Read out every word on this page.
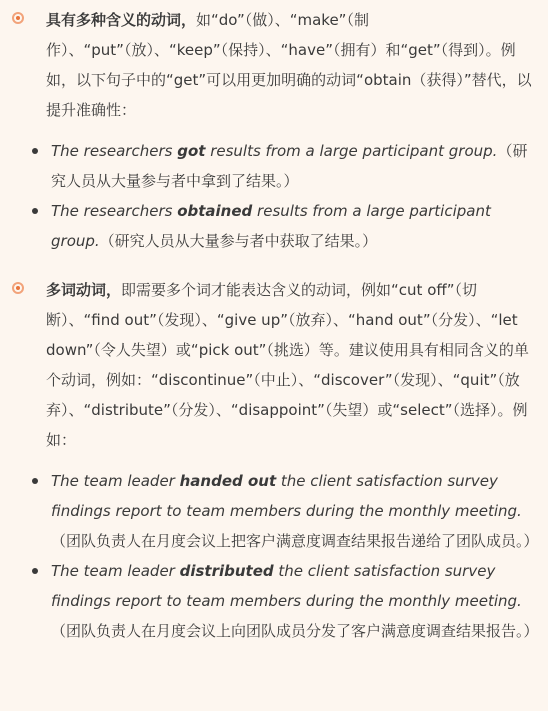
具有多种含义的动词，如“do”（做）、“make”（制作）、“put”（放）、“keep”（保持）、“have”（拥有）和“get”（得到）。例如，以下句子中的“get”可以用更加明确的动词“obtain（获得）”替代，以提升准确性：

The researchers got results from a large participant group.（研究人员从大量参与者中拿到了结果。）
The researchers obtained results from a large participant group.（研究人员从大量参与者中获取了结果。）

多词动词，即需要多个词才能表达含义的动词，例如“cut off”（切断）、“find out”（发现）、“give up”（放弃）、“hand out”（分发）、“let down”（令人失望）或“pick out”（挑选）等。建议使用具有相同含义的单个动词，例如：“discontinue”（中止）、“discover”（发现）、“quit”（放弃）、“distribute”（分发）、“disappoint”（失望）或“select”（选择）。例如：

The team leader handed out the client satisfaction survey findings report to team members during the monthly meeting.（团队负责人在月度会议上把客户满意度调查结果报告递给了团队成员。）
The team leader distributed the client satisfaction survey findings report to team members during the monthly meeting.（团队负责人在月度会议上向团队成员分发了客户满意度调查结果报告。）
